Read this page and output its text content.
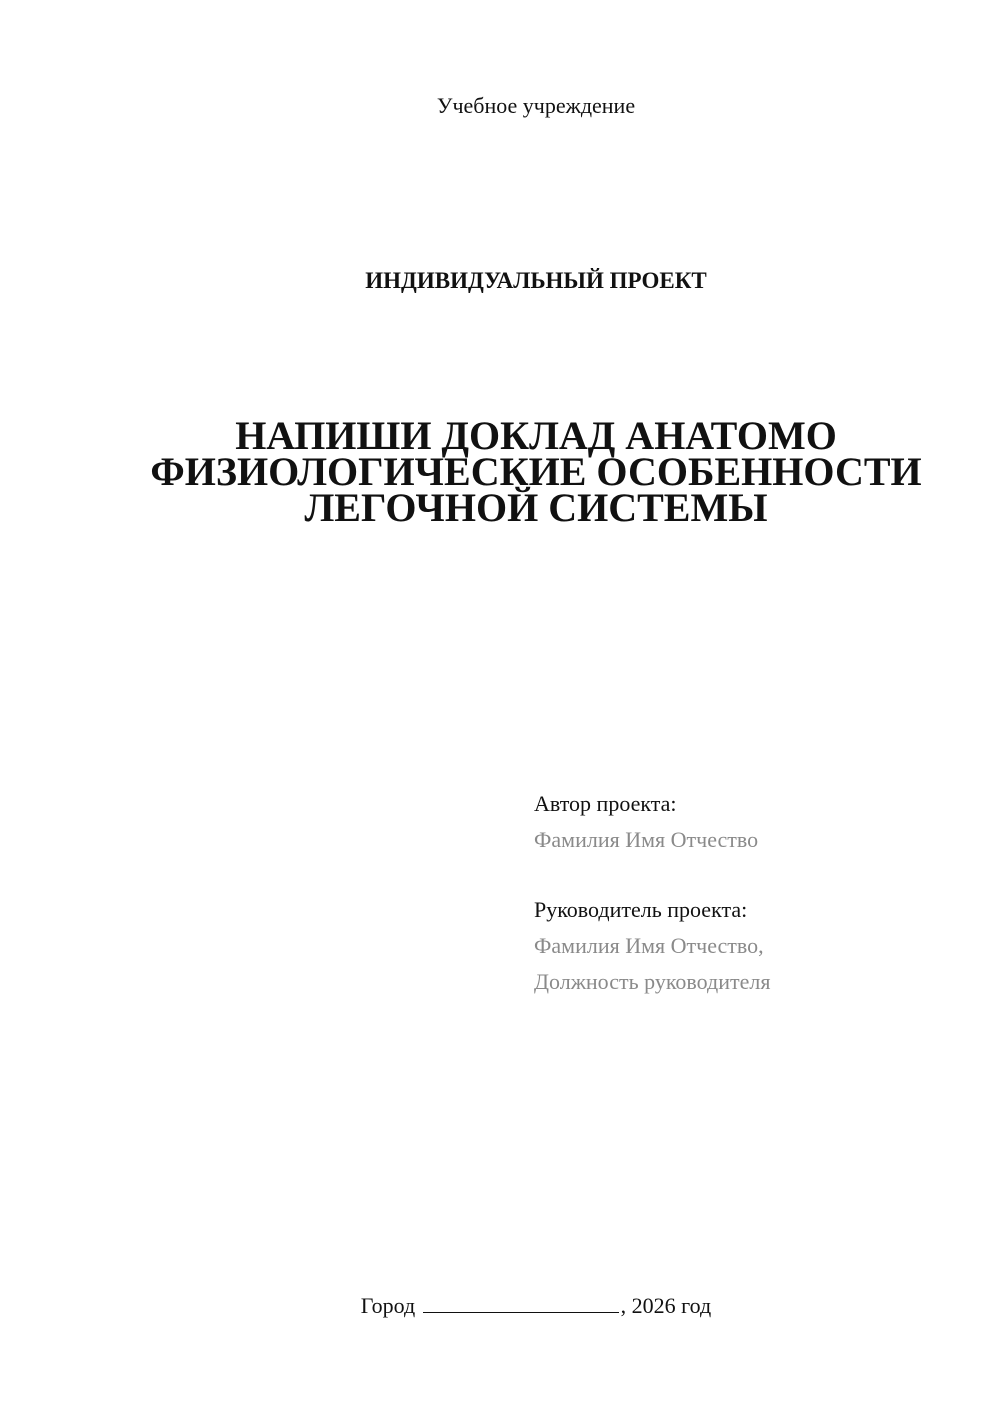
Учебное учреждение
ИНДИВИДУАЛЬНЫЙ ПРОЕКТ
НАПИШИ ДОКЛАД АНАТОМО
ФИЗИОЛОГИЧЕСКИЕ ОСОБЕННОСТИ
ЛЕГОЧНОЙ СИСТЕМЫ
Автор проекта:
Фамилия Имя Отчество
Руководитель проекта:
Фамилия Имя Отчество,
Должность руководителя
Город	, 2026 год
